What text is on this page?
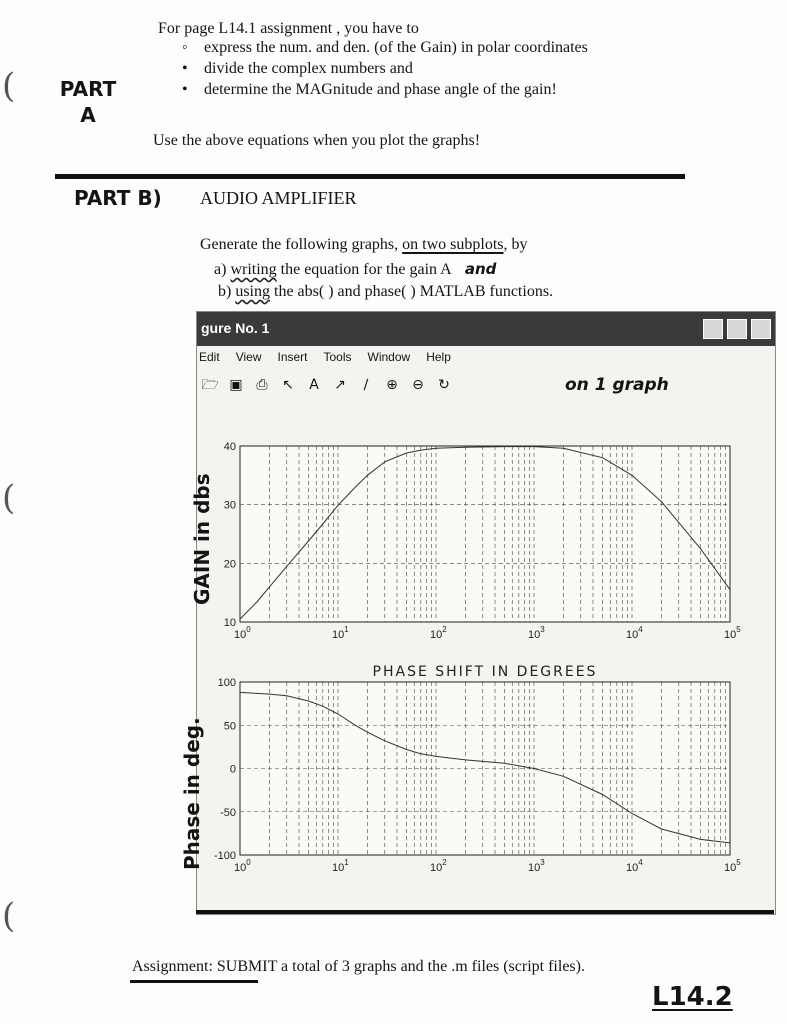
(
(
(
PART
A
For page L14.1 assignment , you have to
◦ express the num. and den. (of the Gain) in polar coordinates
• divide the complex numbers and
• determine the MAGnitude and phase angle of the gain!
Use the above equations when you plot the graphs!
PART B) AUDIO AMPLIFIER
Generate the following graphs, on two subplots, by
a) writing the equation for the gain A and
b) using the abs( ) and phase( ) MATLAB functions.
gure No. 1
Edit View Insert Tools Window Help
🗁 ▣ ⎙ ↖ A ↗ ∕ ⊕ ⊖ ↻	on 1 graph
10
20
30
40
$10^0$	$10^1$	$10^2$	$10^3$	$10^4$	$10^5$
-100
-50
0
50
100
$10^0$	$10^1$	$10^2$	$10^3$	$10^4$	$10^5$
PHASE SHIFT IN DEGREES
GAIN in dbs
Phase in deg.
Assignment: SUBMIT a total of 3 graphs and the .m files (script files).
L14.2
